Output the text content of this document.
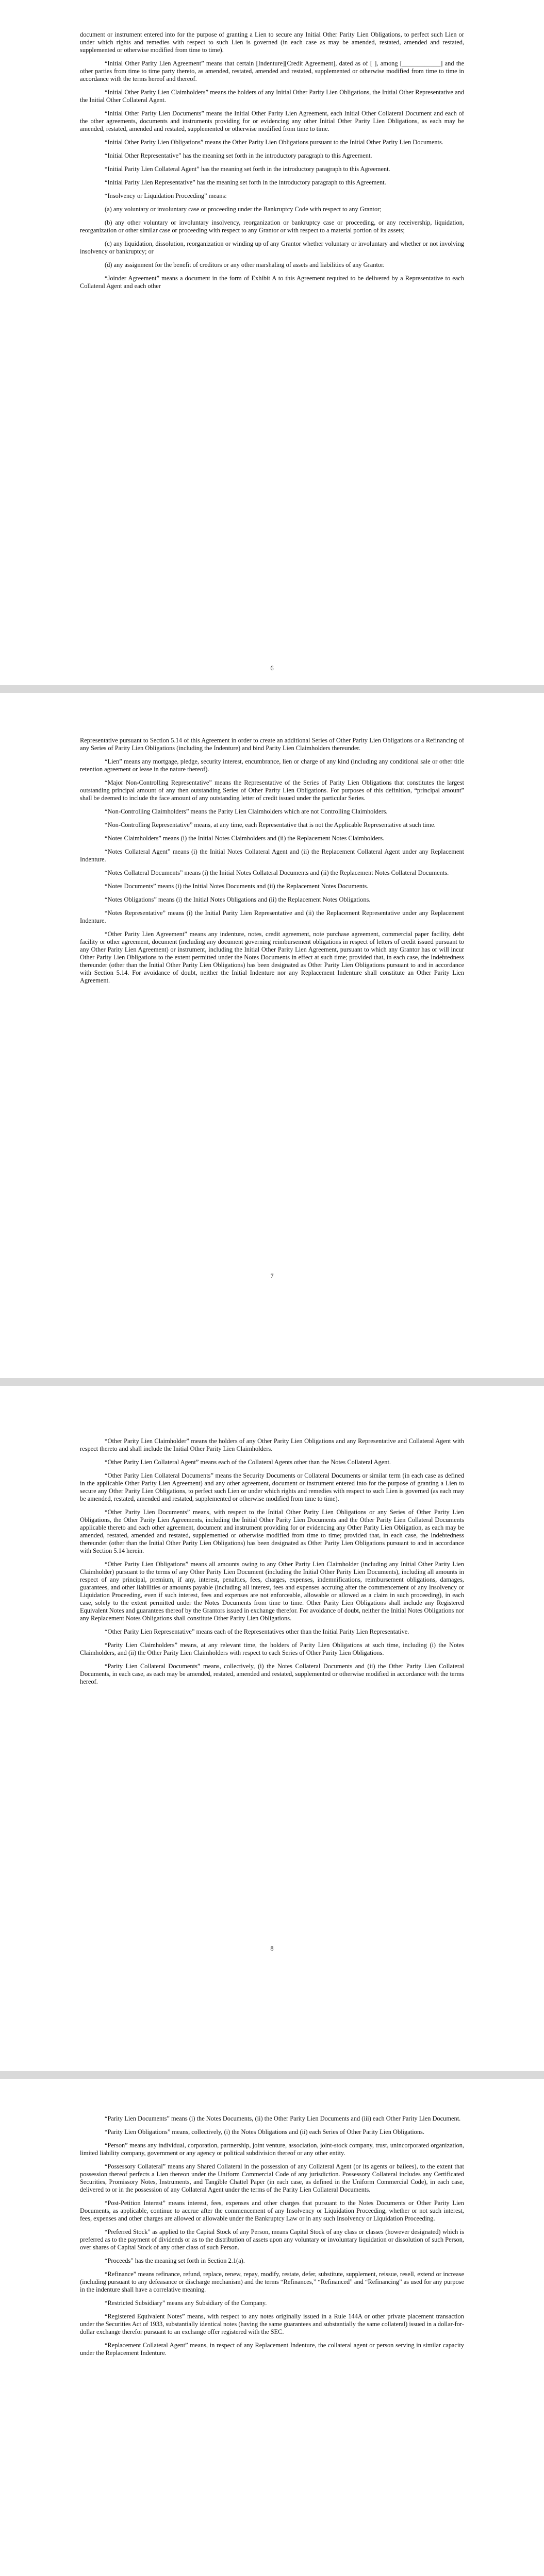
document or instrument entered into for the purpose of granting a Lien to secure any Initial Other Parity Lien Obligations, to perfect such Lien or under which rights and remedies with respect to such Lien is governed (in each case as may be amended, restated, amended and restated, supplemented or otherwise modified from time to time).

“Initial Other Parity Lien Agreement” means that certain [Indenture][Credit Agreement], dated as of [ ], among [____________] and the other parties from time to time party thereto, as amended, restated, amended and restated, supplemented or otherwise modified from time to time in accordance with the terms hereof and thereof.

“Initial Other Parity Lien Claimholders” means the holders of any Initial Other Parity Lien Obligations, the Initial Other Representative and the Initial Other Collateral Agent.

“Initial Other Parity Lien Documents” means the Initial Other Parity Lien Agreement, each Initial Other Collateral Document and each of the other agreements, documents and instruments providing for or evidencing any other Initial Other Parity Lien Obligations, as each may be amended, restated, amended and restated, supplemented or otherwise modified from time to time.

“Initial Other Parity Lien Obligations” means the Other Parity Lien Obligations pursuant to the Initial Other Parity Lien Documents.

“Initial Other Representative” has the meaning set forth in the introductory paragraph to this Agreement.

“Initial Parity Lien Collateral Agent” has the meaning set forth in the introductory paragraph to this Agreement.

“Initial Parity Lien Representative” has the meaning set forth in the introductory paragraph to this Agreement.

“Insolvency or Liquidation Proceeding” means:

(a) any voluntary or involuntary case or proceeding under the Bankruptcy Code with respect to any Grantor;

(b) any other voluntary or involuntary insolvency, reorganization or bankruptcy case or proceeding, or any receivership, liquidation, reorganization or other similar case or proceeding with respect to any Grantor or with respect to a material portion of its assets;

(c) any liquidation, dissolution, reorganization or winding up of any Grantor whether voluntary or involuntary and whether or not involving insolvency or bankruptcy; or

(d) any assignment for the benefit of creditors or any other marshaling of assets and liabilities of any Grantor.

“Joinder Agreement” means a document in the form of Exhibit A to this Agreement required to be delivered by a Representative to each Collateral Agent and each other

6

Representative pursuant to Section 5.14 of this Agreement in order to create an additional Series of Other Parity Lien Obligations or a Refinancing of any Series of Parity Lien Obligations (including the Indenture) and bind Parity Lien Claimholders thereunder.

“Lien” means any mortgage, pledge, security interest, encumbrance, lien or charge of any kind (including any conditional sale or other title retention agreement or lease in the nature thereof).

“Major Non-Controlling Representative” means the Representative of the Series of Parity Lien Obligations that constitutes the largest outstanding principal amount of any then outstanding Series of Other Parity Lien Obligations. For purposes of this definition, “principal amount” shall be deemed to include the face amount of any outstanding letter of credit issued under the particular Series.

“Non-Controlling Claimholders” means the Parity Lien Claimholders which are not Controlling Claimholders.

“Non-Controlling Representative” means, at any time, each Representative that is not the Applicable Representative at such time.

“Notes Claimholders” means (i) the Initial Notes Claimholders and (ii) the Replacement Notes Claimholders.

“Notes Collateral Agent” means (i) the Initial Notes Collateral Agent and (ii) the Replacement Collateral Agent under any Replacement Indenture.

“Notes Collateral Documents” means (i) the Initial Notes Collateral Documents and (ii) the Replacement Notes Collateral Documents.

“Notes Documents” means (i) the Initial Notes Documents and (ii) the Replacement Notes Documents.

“Notes Obligations” means (i) the Initial Notes Obligations and (ii) the Replacement Notes Obligations.

“Notes Representative” means (i) the Initial Parity Lien Representative and (ii) the Replacement Representative under any Replacement Indenture.

“Other Parity Lien Agreement” means any indenture, notes, credit agreement, note purchase agreement, commercial paper facility, debt facility or other agreement, document (including any document governing reimbursement obligations in respect of letters of credit issued pursuant to any Other Parity Lien Agreement) or instrument, including the Initial Other Parity Lien Agreement, pursuant to which any Grantor has or will incur Other Parity Lien Obligations to the extent permitted under the Notes Documents in effect at such time; provided that, in each case, the Indebtedness thereunder (other than the Initial Other Parity Lien Obligations) has been designated as Other Parity Lien Obligations pursuant to and in accordance with Section 5.14. For avoidance of doubt, neither the Initial Indenture nor any Replacement Indenture shall constitute an Other Parity Lien Agreement.

7

“Other Parity Lien Claimholder” means the holders of any Other Parity Lien Obligations and any Representative and Collateral Agent with respect thereto and shall include the Initial Other Parity Lien Claimholders.

“Other Parity Lien Collateral Agent” means each of the Collateral Agents other than the Notes Collateral Agent.

“Other Parity Lien Collateral Documents” means the Security Documents or Collateral Documents or similar term (in each case as defined in the applicable Other Parity Lien Agreement) and any other agreement, document or instrument entered into for the purpose of granting a Lien to secure any Other Parity Lien Obligations, to perfect such Lien or under which rights and remedies with respect to such Lien is governed (as each may be amended, restated, amended and restated, supplemented or otherwise modified from time to time).

“Other Parity Lien Documents” means, with respect to the Initial Other Parity Lien Obligations or any Series of Other Parity Lien Obligations, the Other Parity Lien Agreements, including the Initial Other Parity Lien Documents and the Other Parity Lien Collateral Documents applicable thereto and each other agreement, document and instrument providing for or evidencing any Other Parity Lien Obligation, as each may be amended, restated, amended and restated, supplemented or otherwise modified from time to time; provided that, in each case, the Indebtedness thereunder (other than the Initial Other Parity Lien Obligations) has been designated as Other Parity Lien Obligations pursuant to and in accordance with Section 5.14 herein.

“Other Parity Lien Obligations” means all amounts owing to any Other Parity Lien Claimholder (including any Initial Other Parity Lien Claimholder) pursuant to the terms of any Other Parity Lien Document (including the Initial Other Parity Lien Documents), including all amounts in respect of any principal, premium, if any, interest, penalties, fees, charges, expenses, indemnifications, reimbursement obligations, damages, guarantees, and other liabilities or amounts payable (including all interest, fees and expenses accruing after the commencement of any Insolvency or Liquidation Proceeding, even if such interest, fees and expenses are not enforceable, allowable or allowed as a claim in such proceeding), in each case, solely to the extent permitted under the Notes Documents from time to time. Other Parity Lien Obligations shall include any Registered Equivalent Notes and guarantees thereof by the Grantors issued in exchange therefor. For avoidance of doubt, neither the Initial Notes Obligations nor any Replacement Notes Obligations shall constitute Other Parity Lien Obligations.

“Other Parity Lien Representative” means each of the Representatives other than the Initial Parity Lien Representative.

“Parity Lien Claimholders” means, at any relevant time, the holders of Parity Lien Obligations at such time, including (i) the Notes Claimholders, and (ii) the Other Parity Lien Claimholders with respect to each Series of Other Parity Lien Obligations.

“Parity Lien Collateral Documents” means, collectively, (i) the Notes Collateral Documents and (ii) the Other Parity Lien Collateral Documents, in each case, as each may be amended, restated, amended and restated, supplemented or otherwise modified in accordance with the terms hereof.

8

“Parity Lien Documents” means (i) the Notes Documents, (ii) the Other Parity Lien Documents and (iii) each Other Parity Lien Document.

“Parity Lien Obligations” means, collectively, (i) the Notes Obligations and (ii) each Series of Other Parity Lien Obligations.

“Person” means any individual, corporation, partnership, joint venture, association, joint-stock company, trust, unincorporated organization, limited liability company, government or any agency or political subdivision thereof or any other entity.

“Possessory Collateral” means any Shared Collateral in the possession of any Collateral Agent (or its agents or bailees), to the extent that possession thereof perfects a Lien thereon under the Uniform Commercial Code of any jurisdiction. Possessory Collateral includes any Certificated Securities, Promissory Notes, Instruments, and Tangible Chattel Paper (in each case, as defined in the Uniform Commercial Code), in each case, delivered to or in the possession of any Collateral Agent under the terms of the Parity Lien Collateral Documents.

“Post-Petition Interest” means interest, fees, expenses and other charges that pursuant to the Notes Documents or Other Parity Lien Documents, as applicable, continue to accrue after the commencement of any Insolvency or Liquidation Proceeding, whether or not such interest, fees, expenses and other charges are allowed or allowable under the Bankruptcy Law or in any such Insolvency or Liquidation Proceeding.

“Preferred Stock” as applied to the Capital Stock of any Person, means Capital Stock of any class or classes (however designated) which is preferred as to the payment of dividends or as to the distribution of assets upon any voluntary or involuntary liquidation or dissolution of such Person, over shares of Capital Stock of any other class of such Person.

“Proceeds” has the meaning set forth in Section 2.1(a).

“Refinance” means refinance, refund, replace, renew, repay, modify, restate, defer, substitute, supplement, reissue, resell, extend or increase (including pursuant to any defeasance or discharge mechanism) and the terms “Refinances,” “Refinanced” and “Refinancing” as used for any purpose in the indenture shall have a correlative meaning.

“Restricted Subsidiary” means any Subsidiary of the Company.

“Registered Equivalent Notes” means, with respect to any notes originally issued in a Rule 144A or other private placement transaction under the Securities Act of 1933, substantially identical notes (having the same guarantees and substantially the same collateral) issued in a dollar-for-dollar exchange therefor pursuant to an exchange offer registered with the SEC.

“Replacement Collateral Agent” means, in respect of any Replacement Indenture, the collateral agent or person serving in similar capacity under the Replacement Indenture.
